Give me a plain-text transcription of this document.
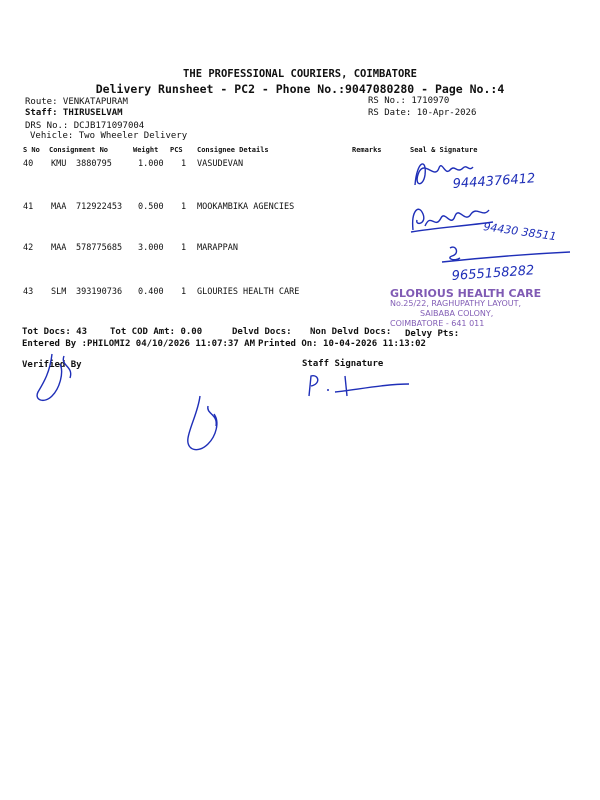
THE PROFESSIONAL COURIERS, COIMBATORE
Delivery Runsheet - PC2 - Phone No.:9047080280 - Page No.:4
Route: VENKATAPURAM
Staff: THIRUSELVAM
DRS No.: DCJB171097004
Vehicle: Two Wheeler Delivery
RS No.: 1710970
RS Date: 10-Apr-2026
S No Consignment No	Weight PCS Consignee Details	Remarks	Seal & Signature
40 KMU 3880795	1.000 1 VASUDEVAN
41 MAA 712922453 0.500 1 MOOKAMBIKA AGENCIES
42 MAA 578775685 3.000 1 MARAPPAN
43 SLM 393190736 0.400 1 GLOURIES HEALTH CARE
9444376412
94430 38511
9655158282
GLORIOUS HEALTH CARE
No.25/22, RAGHUPATHY LAYOUT,
SAIBABA COLONY,
COIMBATORE - 641 011
Tot Docs: 43	Tot COD Amt: 0.00	Delvd Docs: Non Delvd Docs: Delvy Pts:
Entered By :PHILOMI2 04/10/2026 11:07:37 AM Printed On: 10-04-2026 11:13:02
Verified By	Staff Signature
